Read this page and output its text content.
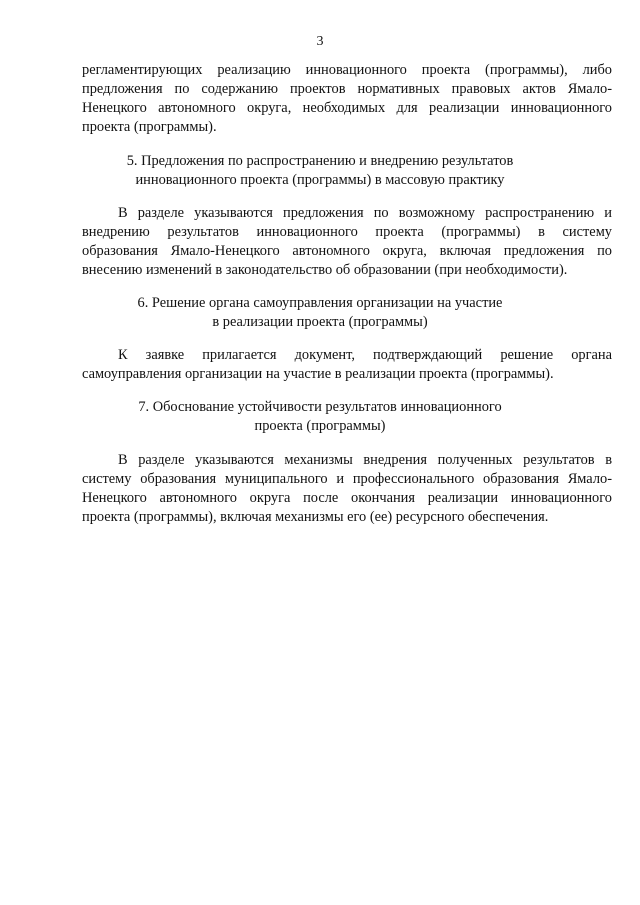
3
регламентирующих реализацию инновационного проекта (программы), либо
предложения по содержанию проектов нормативных правовых актов Ямало-
Ненецкого автономного округа, необходимых для реализации инновационного
проекта (программы).
5. Предложения по распространению и внедрению результатов
инновационного проекта (программы) в массовую практику
В разделе указываются предложения по возможному распространению и
внедрению результатов инновационного проекта (программы) в систему
образования Ямало-Ненецкого автономного округа, включая предложения по
внесению изменений в законодательство об образовании (при необходимости).
6. Решение органа самоуправления организации на участие
в реализации проекта (программы)
К заявке прилагается документ, подтверждающий решение органа
самоуправления организации на участие в реализации проекта (программы).
7. Обоснование устойчивости результатов инновационного
проекта (программы)
В разделе указываются механизмы внедрения полученных результатов в
систему образования муниципального и профессионального образования Ямало-
Ненецкого автономного округа после окончания реализации инновационного
проекта (программы), включая механизмы его (ее) ресурсного обеспечения.
